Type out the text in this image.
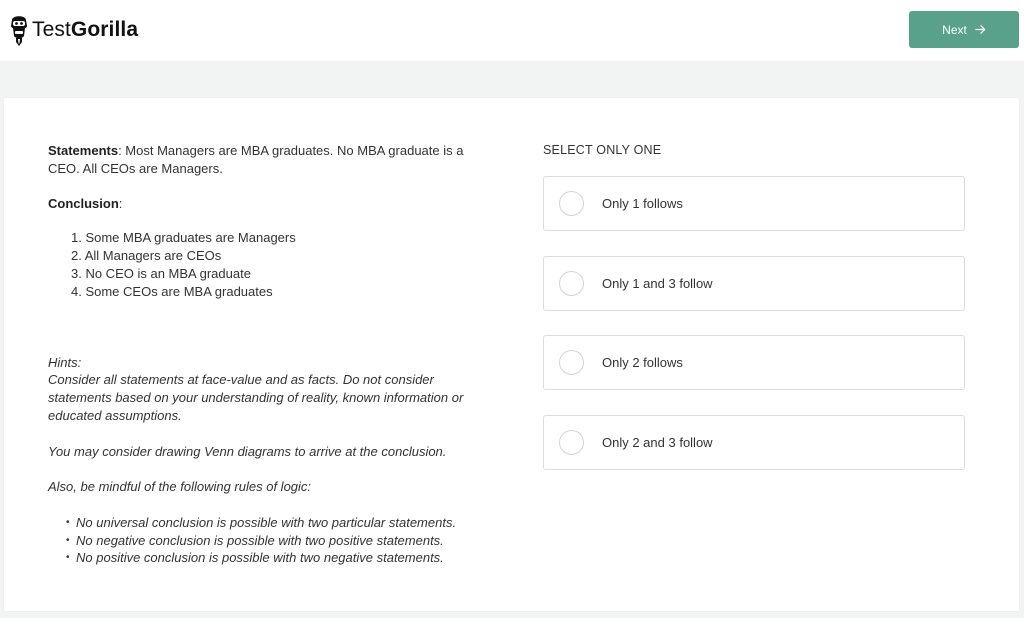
TestGorilla	Next

Statements: Most Managers are MBA graduates. No MBA graduate is a CEO. All CEOs are Managers.

Conclusion:

1. Some MBA graduates are Managers
2. All Managers are CEOs
3. No CEO is an MBA graduate
4. Some CEOs are MBA graduates

Hints:
Consider all statements at face-value and as facts. Do not consider statements based on your understanding of reality, known information or educated assumptions.

You may consider drawing Venn diagrams to arrive at the conclusion.

Also, be mindful of the following rules of logic:

• No universal conclusion is possible with two particular statements.
• No negative conclusion is possible with two positive statements.
• No positive conclusion is possible with two negative statements.
SELECT ONLY ONE
Only 1 follows
Only 1 and 3 follow
Only 2 follows
Only 2 and 3 follow
